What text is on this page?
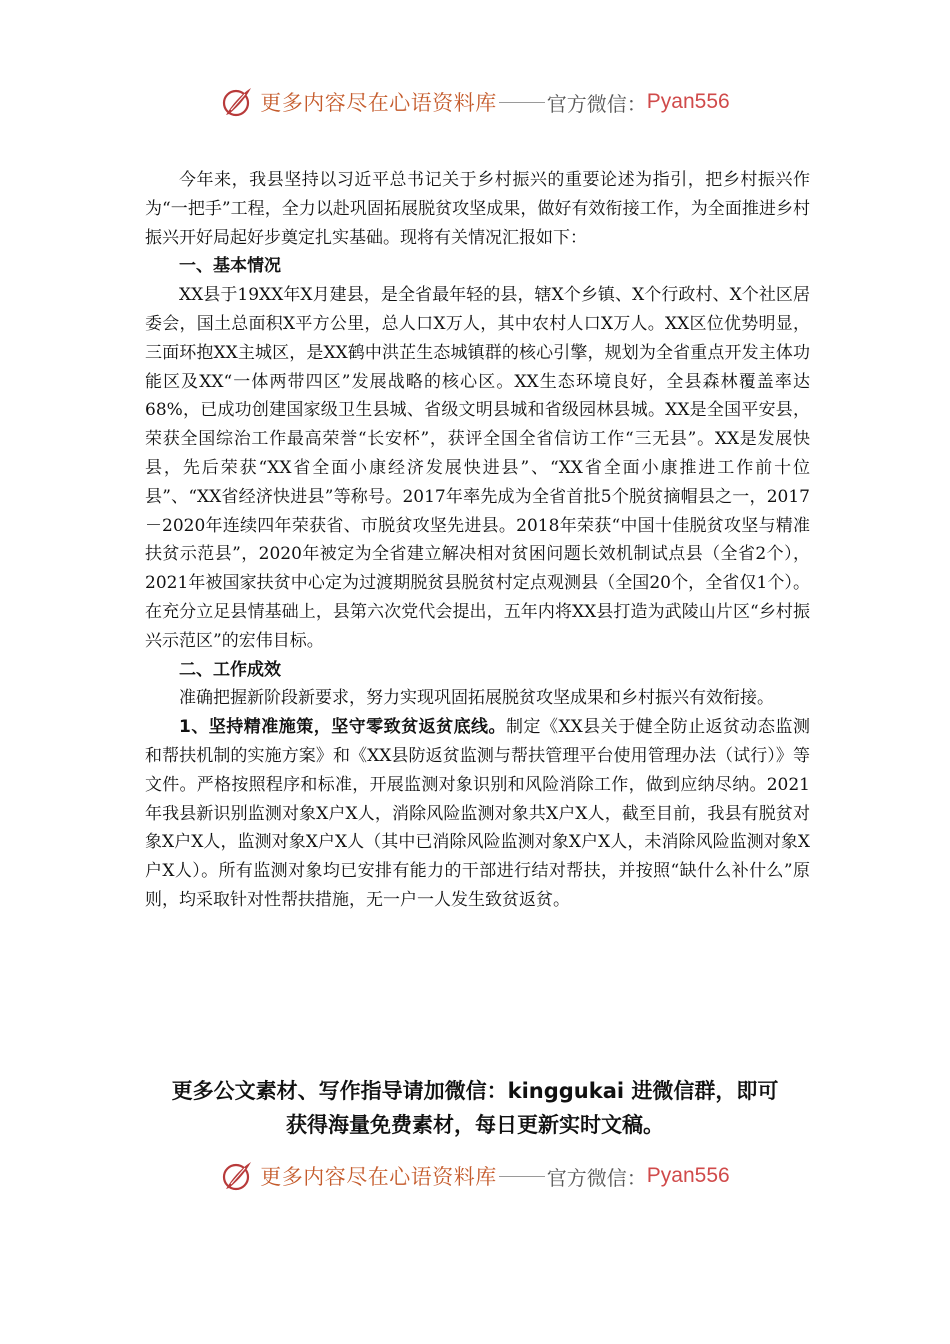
更多内容尽在心语资料库	官方微信： Pyan556

今年来，我县坚持以习近平总书记关于乡村振兴的重要论述为指引，把乡村振兴作为“一把手”工程，全力以赴巩固拓展脱贫攻坚成果，做好有效衔接工作，为全面推进乡村振兴开好局起好步奠定扎实基础。现将有关情况汇报如下：

一、基本情况

XX县于19XX年X月建县，是全省最年轻的县，辖X个乡镇、X个行政村、X个社区居委会，国土总面积X平方公里，总人口X万人，其中农村人口X万人。XX区位优势明显，三面环抱XX主城区，是XX鹤中洪芷生态城镇群的核心引擎，规划为全省重点开发主体功能区及XX“一体两带四区”发展战略的核心区。XX生态环境良好，全县森林覆盖率达68%，已成功创建国家级卫生县城、省级文明县城和省级园林县城。XX是全国平安县，荣获全国综治工作最高荣誉“长安杯”，获评全国全省信访工作“三无县”。XX是发展快县，先后荣获“XX省全面小康经济发展快进县”、“XX省全面小康推进工作前十位县”、“XX省经济快进县”等称号。2017年率先成为全省首批5个脱贫摘帽县之一，2017－2020年连续四年荣获省、市脱贫攻坚先进县。2018年荣获“中国十佳脱贫攻坚与精准扶贫示范县”，2020年被定为全省建立解决相对贫困问题长效机制试点县（全省2个），2021年被国家扶贫中心定为过渡期脱贫县脱贫村定点观测县（全国20个，全省仅1个）。在充分立足县情基础上，县第六次党代会提出，五年内将XX县打造为武陵山片区“乡村振兴示范区”的宏伟目标。

二、工作成效

准确把握新阶段新要求，努力实现巩固拓展脱贫攻坚成果和乡村振兴有效衔接。

1、坚持精准施策，坚守零致贫返贫底线。制定《XX县关于健全防止返贫动态监测和帮扶机制的实施方案》和《XX县防返贫监测与帮扶管理平台使用管理办法（试行）》等文件。严格按照程序和标准，开展监测对象识别和风险消除工作，做到应纳尽纳。2021年我县新识别监测对象X户X人，消除风险监测对象共X户X人，截至目前，我县有脱贫对象X户X人，监测对象X户X人（其中已消除风险监测对象X户X人，未消除风险监测对象X户X人）。所有监测对象均已安排有能力的干部进行结对帮扶，并按照“缺什么补什么”原则，均采取针对性帮扶措施，无一户一人发生致贫返贫。

更多公文素材、写作指导请加微信：kinggukai 进微信群，即可
获得海量免费素材，每日更新实时文稿。
更多内容尽在心语资料库	官方微信： Pyan556
